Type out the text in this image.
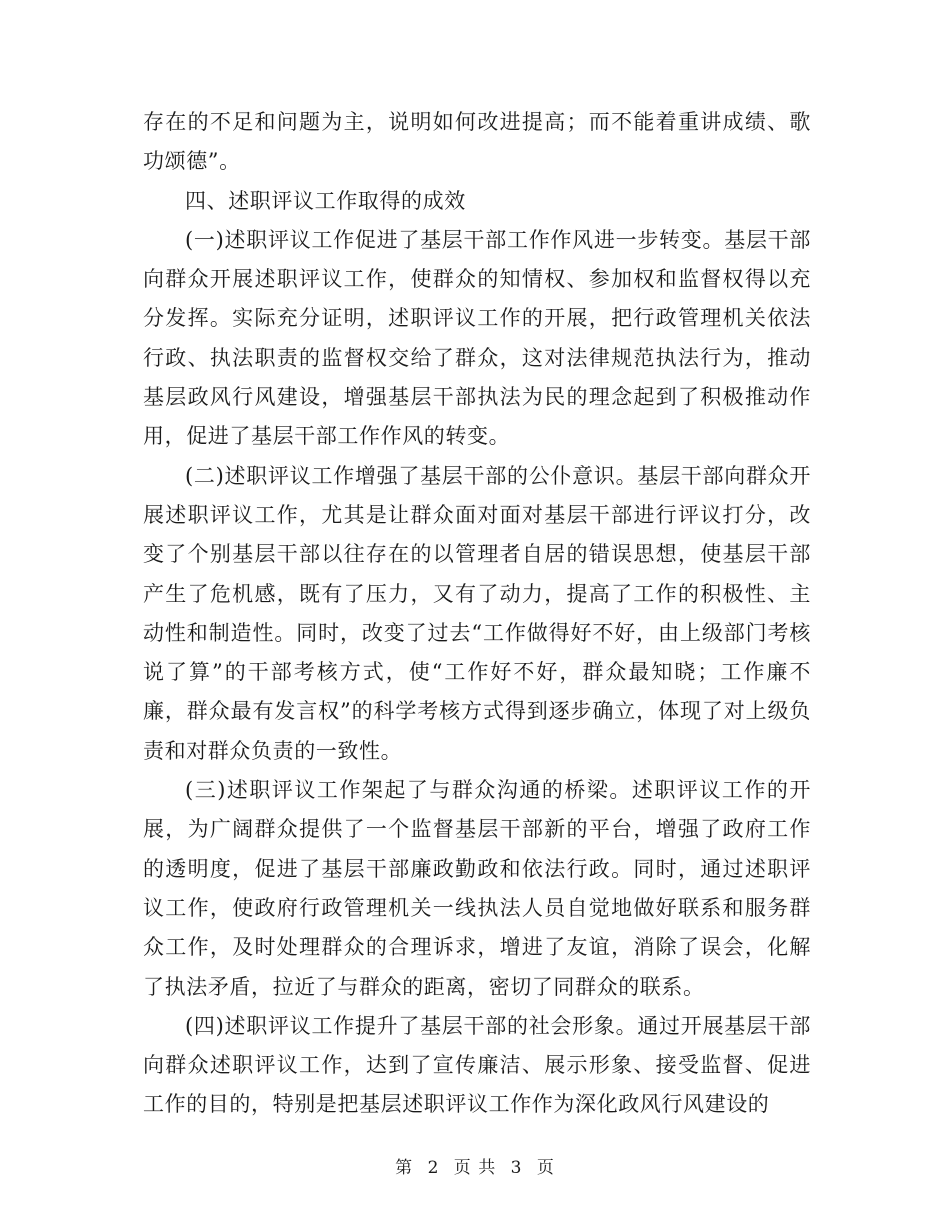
存在的不足和问题为主，说明如何改进提高；而不能着重讲成绩、歌功颂德”。

四、述职评议工作取得的成效

(一)述职评议工作促进了基层干部工作作风进一步转变。基层干部向群众开展述职评议工作，使群众的知情权、参加权和监督权得以充分发挥。实际充分证明，述职评议工作的开展，把行政管理机关依法行政、执法职责的监督权交给了群众，这对法律规范执法行为，推动基层政风行风建设，增强基层干部执法为民的理念起到了积极推动作用，促进了基层干部工作作风的转变。

(二)述职评议工作增强了基层干部的公仆意识。基层干部向群众开展述职评议工作，尤其是让群众面对面对基层干部进行评议打分，改变了个别基层干部以往存在的以管理者自居的错误思想，使基层干部产生了危机感，既有了压力，又有了动力，提高了工作的积极性、主动性和制造性。同时，改变了过去“工作做得好不好，由上级部门考核说了算”的干部考核方式，使“工作好不好，群众最知晓；工作廉不廉，群众最有发言权”的科学考核方式得到逐步确立，体现了对上级负责和对群众负责的一致性。

(三)述职评议工作架起了与群众沟通的桥梁。述职评议工作的开展，为广阔群众提供了一个监督基层干部新的平台，增强了政府工作的透明度，促进了基层干部廉政勤政和依法行政。同时，通过述职评议工作，使政府行政管理机关一线执法人员自觉地做好联系和服务群众工作，及时处理群众的合理诉求，增进了友谊，消除了误会，化解了执法矛盾，拉近了与群众的距离，密切了同群众的联系。

(四)述职评议工作提升了基层干部的社会形象。通过开展基层干部向群众述职评议工作，达到了宣传廉洁、展示形象、接受监督、促进工作的目的，特别是把基层述职评议工作作为深化政风行风建设的

第 2 页 共 3 页
